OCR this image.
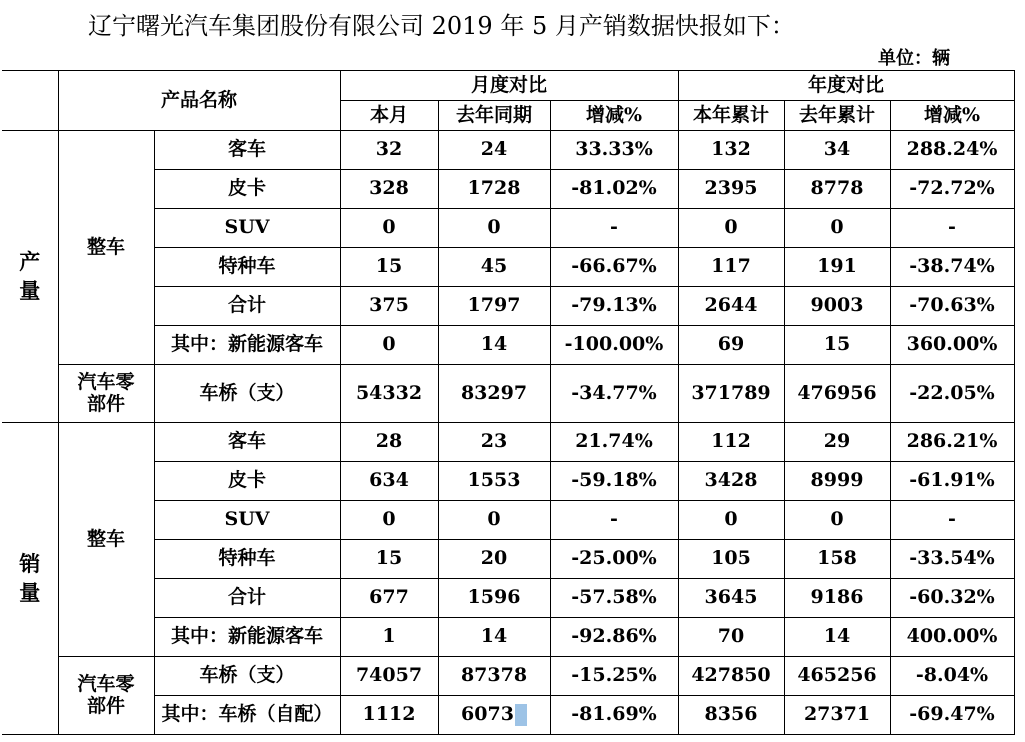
辽宁曙光汽车集团股份有限公司 2019 年 5 月产销数据快报如下：
单位：辆
	产品名称		月度对比			年度对比		
			本月	去年同期	增减%	本年累计	去年累计	增减%

产
量	整车	客车	32	24	33.33%	132	34	288.24%
		皮卡	328	1728	-81.02%	2395	8778	-72.72%
		SUV	0	0	-	0	0	-
		特种车	15	45	-66.67%	117	191	-38.74%
		合计	375	1797	-79.13%	2644	9003	-70.63%
		其中：新能源客车	0	14	-100.00%	69	15	360.00%

	汽车零
部件	车桥（支）	54332	83297	-34.77%	371789	476956	-22.05%

销
量	整车	客车	28	23	21.74%	112	29	286.21%
		皮卡	634	1553	-59.18%	3428	8999	-61.91%
		SUV	0	0	-	0	0	-
		特种车	15	20	-25.00%	105	158	-33.54%
		合计	677	1596	-57.58%	3645	9186	-60.32%
		其中：新能源客车	1	14	-92.86%	70	14	400.00%

	汽车零
部件	车桥（支）	74057	87378	-15.25%	427850	465256	-8.04%
		其中：车桥（自配）	1112	6073	-81.69%	8356	27371	-69.47%
